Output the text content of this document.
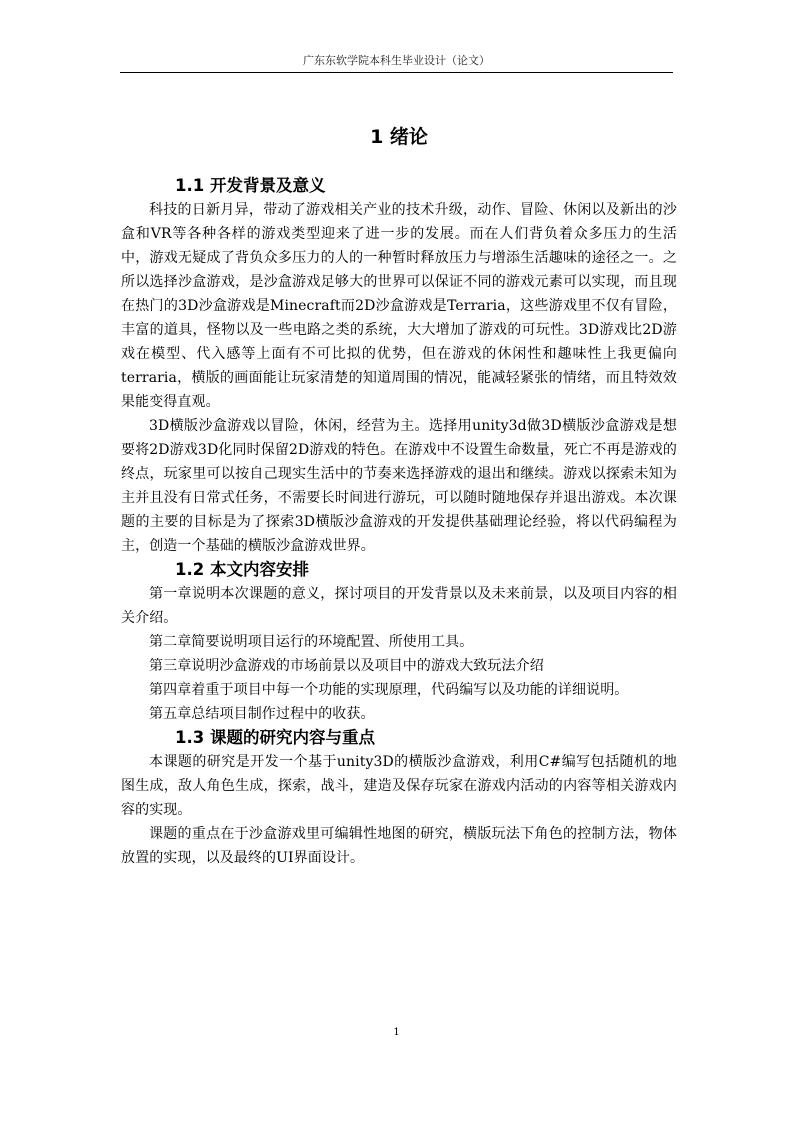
广东东软学院本科生毕业设计（论文）
1 绪论
1.1 开发背景及意义

科技的日新月异，带动了游戏相关产业的技术升级，动作、冒险、休闲以及新出的沙盒和VR等各种各样的游戏类型迎来了进一步的发展。而在人们背负着众多压力的生活中，游戏无疑成了背负众多压力的人的一种暂时释放压力与增添生活趣味的途径之一。之所以选择沙盒游戏，是沙盒游戏足够大的世界可以保证不同的游戏元素可以实现，而且现在热门的3D沙盒游戏是Minecraft而2D沙盒游戏是Terraria，这些游戏里不仅有冒险，丰富的道具，怪物以及一些电路之类的系统，大大增加了游戏的可玩性。3D游戏比2D游戏在模型、代入感等上面有不可比拟的优势，但在游戏的休闲性和趣味性上我更偏向terraria，横版的画面能让玩家清楚的知道周围的情况，能减轻紧张的情绪，而且特效效果能变得直观。

3D横版沙盒游戏以冒险，休闲，经营为主。选择用unity3d做3D横版沙盒游戏是想要将2D游戏3D化同时保留2D游戏的特色。在游戏中不设置生命数量，死亡不再是游戏的终点，玩家里可以按自己现实生活中的节奏来选择游戏的退出和继续。游戏以探索未知为主并且没有日常式任务，不需要长时间进行游玩，可以随时随地保存并退出游戏。本次课题的主要的目标是为了探索3D横版沙盒游戏的开发提供基础理论经验，将以代码编程为主，创造一个基础的横版沙盒游戏世界。

1.2 本文内容安排

第一章说明本次课题的意义，探讨项目的开发背景以及未来前景，以及项目内容的相关介绍。

第二章简要说明项目运行的环境配置、所使用工具。

第三章说明沙盒游戏的市场前景以及项目中的游戏大致玩法介绍

第四章着重于项目中每一个功能的实现原理，代码编写以及功能的详细说明。

第五章总结项目制作过程中的收获。

1.3 课题的研究内容与重点

本课题的研究是开发一个基于unity3D的横版沙盒游戏，利用C#编写包括随机的地图生成，敌人角色生成，探索，战斗，建造及保存玩家在游戏内活动的内容等相关游戏内容的实现。

课题的重点在于沙盒游戏里可编辑性地图的研究，横版玩法下角色的控制方法，物体放置的实现，以及最终的UI界面设计。

1
